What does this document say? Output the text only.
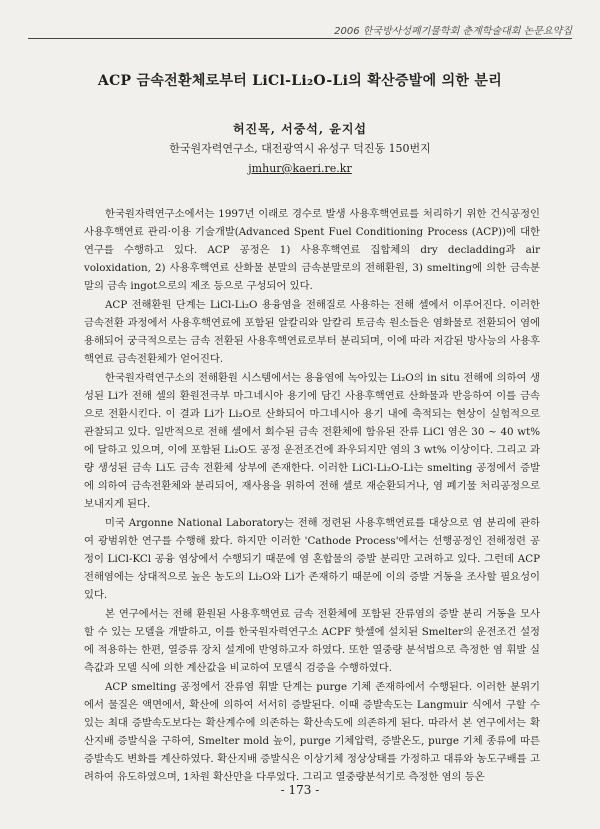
2006 한국방사성폐기물학회 춘계학술대회 논문요약집
ACP 금속전환체로부터 LiCl-Li₂O-Li의 확산증발에 의한 분리
허진목, 서중석, 윤지섭
한국원자력연구소, 대전광역시 유성구 덕진동 150번지
jmhur@kaeri.re.kr

한국원자력연구소에서는 1997년 이래로 경수로 발생 사용후핵연료를 처리하기 위한 건식공정인 사용후핵연료 관리·이용 기술개발(Advanced Spent Fuel Conditioning Process (ACP))에 대한 연구를 수행하고 있다. ACP 공정은 1) 사용후핵연료 집합체의 dry decladding과 air voloxidation, 2) 사용후핵연료 산화물 분말의 금속분말로의 전해환원, 3) smelting에 의한 금속분말의 금속 ingot으로의 제조 등으로 구성되어 있다.

ACP 전해환원 단계는 LiCl-Li₂O 용융염을 전해질로 사용하는 전해 셀에서 이루어진다. 이러한 금속전환 과정에서 사용후핵연료에 포함된 알칼리와 알칼리 토금속 원소들은 염화물로 전환되어 염에 용해되어 궁극적으로는 금속 전환된 사용후핵연료로부터 분리되며, 이에 따라 저감된 방사능의 사용후핵연료 금속전환체가 얻어진다.

한국원자력연구소의 전해환원 시스템에서는 용융염에 녹아있는 Li₂O의 in situ 전해에 의하여 생성된 Li가 전해 셀의 환원전극부 마그네시아 용기에 담긴 사용후핵연료 산화물과 반응하여 이를 금속으로 전환시킨다. 이 결과 Li가 Li₂O로 산화되어 마그네시아 용기 내에 축적되는 현상이 실험적으로 관찰되고 있다. 일반적으로 전해 셀에서 회수된 금속 전환체에 함유된 잔류 LiCl 염은 30 ~ 40 wt%에 달하고 있으며, 이에 포함된 Li₂O도 공정 운전조건에 좌우되지만 염의 3 wt% 이상이다. 그리고 과량 생성된 금속 Li도 금속 전환체 상부에 존재한다. 이러한 LiCl-Li₂O-Li는 smelting 공정에서 증발에 의하여 금속전환체와 분리되어, 재사용을 위하여 전해 셀로 재순환되거나, 염 폐기물 처리공정으로 보내지게 된다.

미국 Argonne National Laboratory는 전해 정련된 사용후핵연료를 대상으로 염 분리에 관하여 광범위한 연구를 수행해 왔다. 하지만 이러한 'Cathode Process'에서는 선행공정인 전해정련 공정이 LiCl-KCl 공융 염상에서 수행되기 때문에 염 혼합물의 증발 분리만 고려하고 있다. 그런데 ACP 전해염에는 상대적으로 높은 농도의 Li₂O와 Li가 존재하기 때문에 이의 증발 거동을 조사할 필요성이 있다.

본 연구에서는 전해 환원된 사용후핵연료 금속 전환체에 포함된 잔류염의 증발 분리 거동을 모사할 수 있는 모델을 개발하고, 이를 한국원자력연구소 ACPF 핫셀에 설치된 Smelter의 운전조건 설정에 적용하는 한편, 열증류 장치 설계에 반영하고자 하였다. 또한 열중량 분석법으로 측정한 염 휘발 실측값과 모델 식에 의한 계산값을 비교하여 모델식 검증을 수행하였다.

ACP smelting 공정에서 잔류염 휘발 단계는 purge 기체 존재하에서 수행된다. 이러한 분위기에서 물질은 액면에서, 확산에 의하여 서서히 증발된다. 이때 증발속도는 Langmuir 식에서 구할 수 있는 최대 증발속도보다는 확산계수에 의존하는 확산속도에 의존하게 된다. 따라서 본 연구에서는 확산지배 증발식을 구하여, Smelter mold 높이, purge 기체압력, 증발온도, purge 기체 종류에 따른 증발속도 변화를 계산하였다. 확산지배 증발식은 이상기체 정상상태를 가정하고 대류와 농도구배를 고려하여 유도하였으며, 1차원 확산만을 다루었다. 그리고 열중량분석기로 측정한 염의 등온

- 173 -
